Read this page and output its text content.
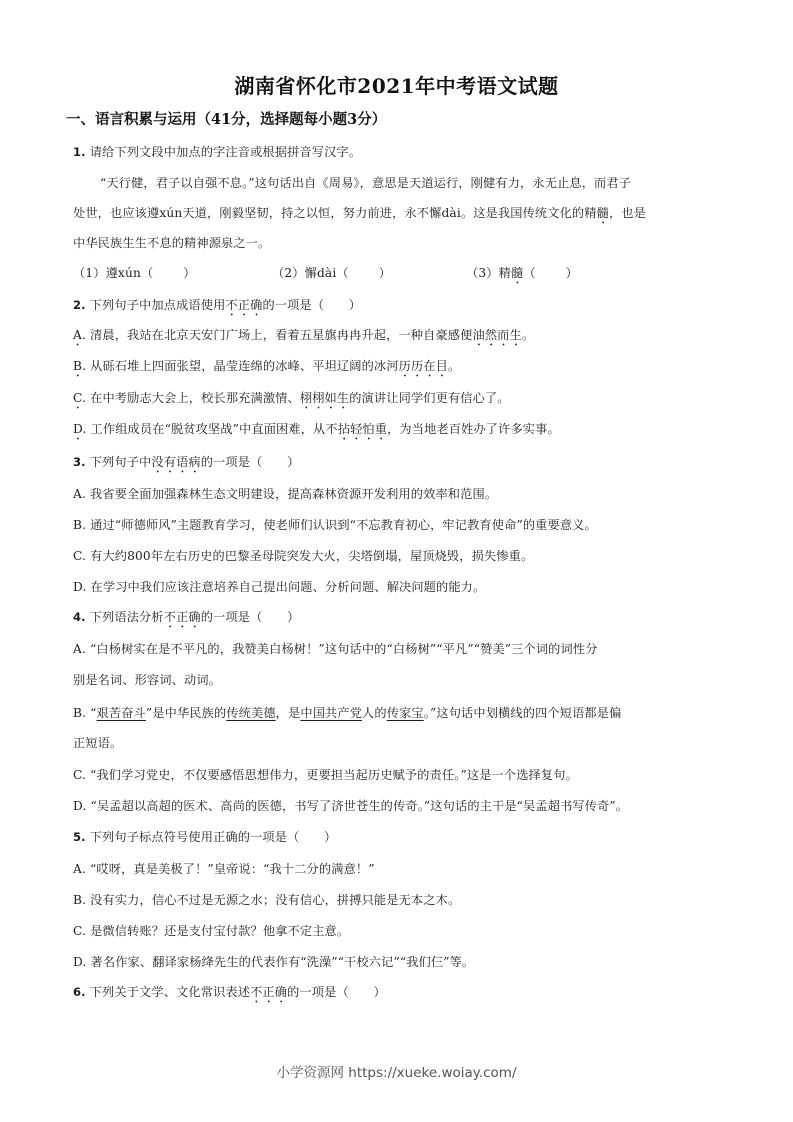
湖南省怀化市2021年中考语文试题
一、语言积累与运用（41分，选择题每小题3分）
1. 请给下列文段中加点的字注音或根据拼音写汉字。
“天行健，君子以自强不息。”这句话出自《周易》，意思是天道运行，刚健有力，永无止息，而君子
处世，也应该遵xún天道，刚毅坚韧，持之以恒，努力前进，永不懈dài。这是我国传统文化的精髓，也是
中华民族生生不息的精神源泉之一。
（1）遵xún（ ）	（2）懈dài（ ）	（3）精髓（ ）
2. 下列句子中加点成语使用不正确的一项是（　　）
A. 清晨，我站在北京天安门广场上，看着五星旗冉冉升起，一种自豪感便油然而生。
B. 从砾石堆上四面张望，晶莹连绵的冰峰、平坦辽阔的冰河历历在目。
C. 在中考励志大会上，校长那充满激情、栩栩如生的演讲让同学们更有信心了。
D. 工作组成员在“脱贫攻坚战”中直面困难，从不拈轻怕重，为当地老百姓办了许多实事。
3. 下列句子中没有语病的一项是（　　）
A. 我省要全面加强森林生态文明建设，提高森林资源开发利用的效率和范围。
B. 通过“师德师风”主题教育学习，使老师们认识到“不忘教育初心，牢记教育使命”的重要意义。
C. 有大约800年左右历史的巴黎圣母院突发大火，尖塔倒塌，屋顶烧毁，损失惨重。
D. 在学习中我们应该注意培养自己提出问题、分析问题、解决问题的能力。
4. 下列语法分析不正确的一项是（　　）
A. “白杨树实在是不平凡的，我赞美白杨树！”这句话中的“白杨树”“平凡”“赞美”三个词的词性分
别是名词、形容词、动词。
B. “艰苦奋斗”是中华民族的传统美德，是中国共产党人的传家宝。”这句话中划横线的四个短语都是偏
正短语。
C. “我们学习党史，不仅要感悟思想伟力，更要担当起历史赋予的责任。”这是一个选择复句。
D. “吴孟超以高超的医术、高尚的医德，书写了济世苍生的传奇。”这句话的主干是“吴孟超书写传奇”。
5. 下列句子标点符号使用正确的一项是（　　）
A. “哎呀，真是美极了！”皇帝说：“我十二分的满意！”
B. 没有实力，信心不过是无源之水；没有信心，拼搏只能是无本之木。
C. 是微信转账？还是支付宝付款？他拿不定主意。
D. 著名作家、翻译家杨绛先生的代表作有“洗澡”“干校六记”“我们仨”等。
6. 下列关于文学、文化常识表述不正确的一项是（　　）
小学资源网 https://xueke.woiay.com/
